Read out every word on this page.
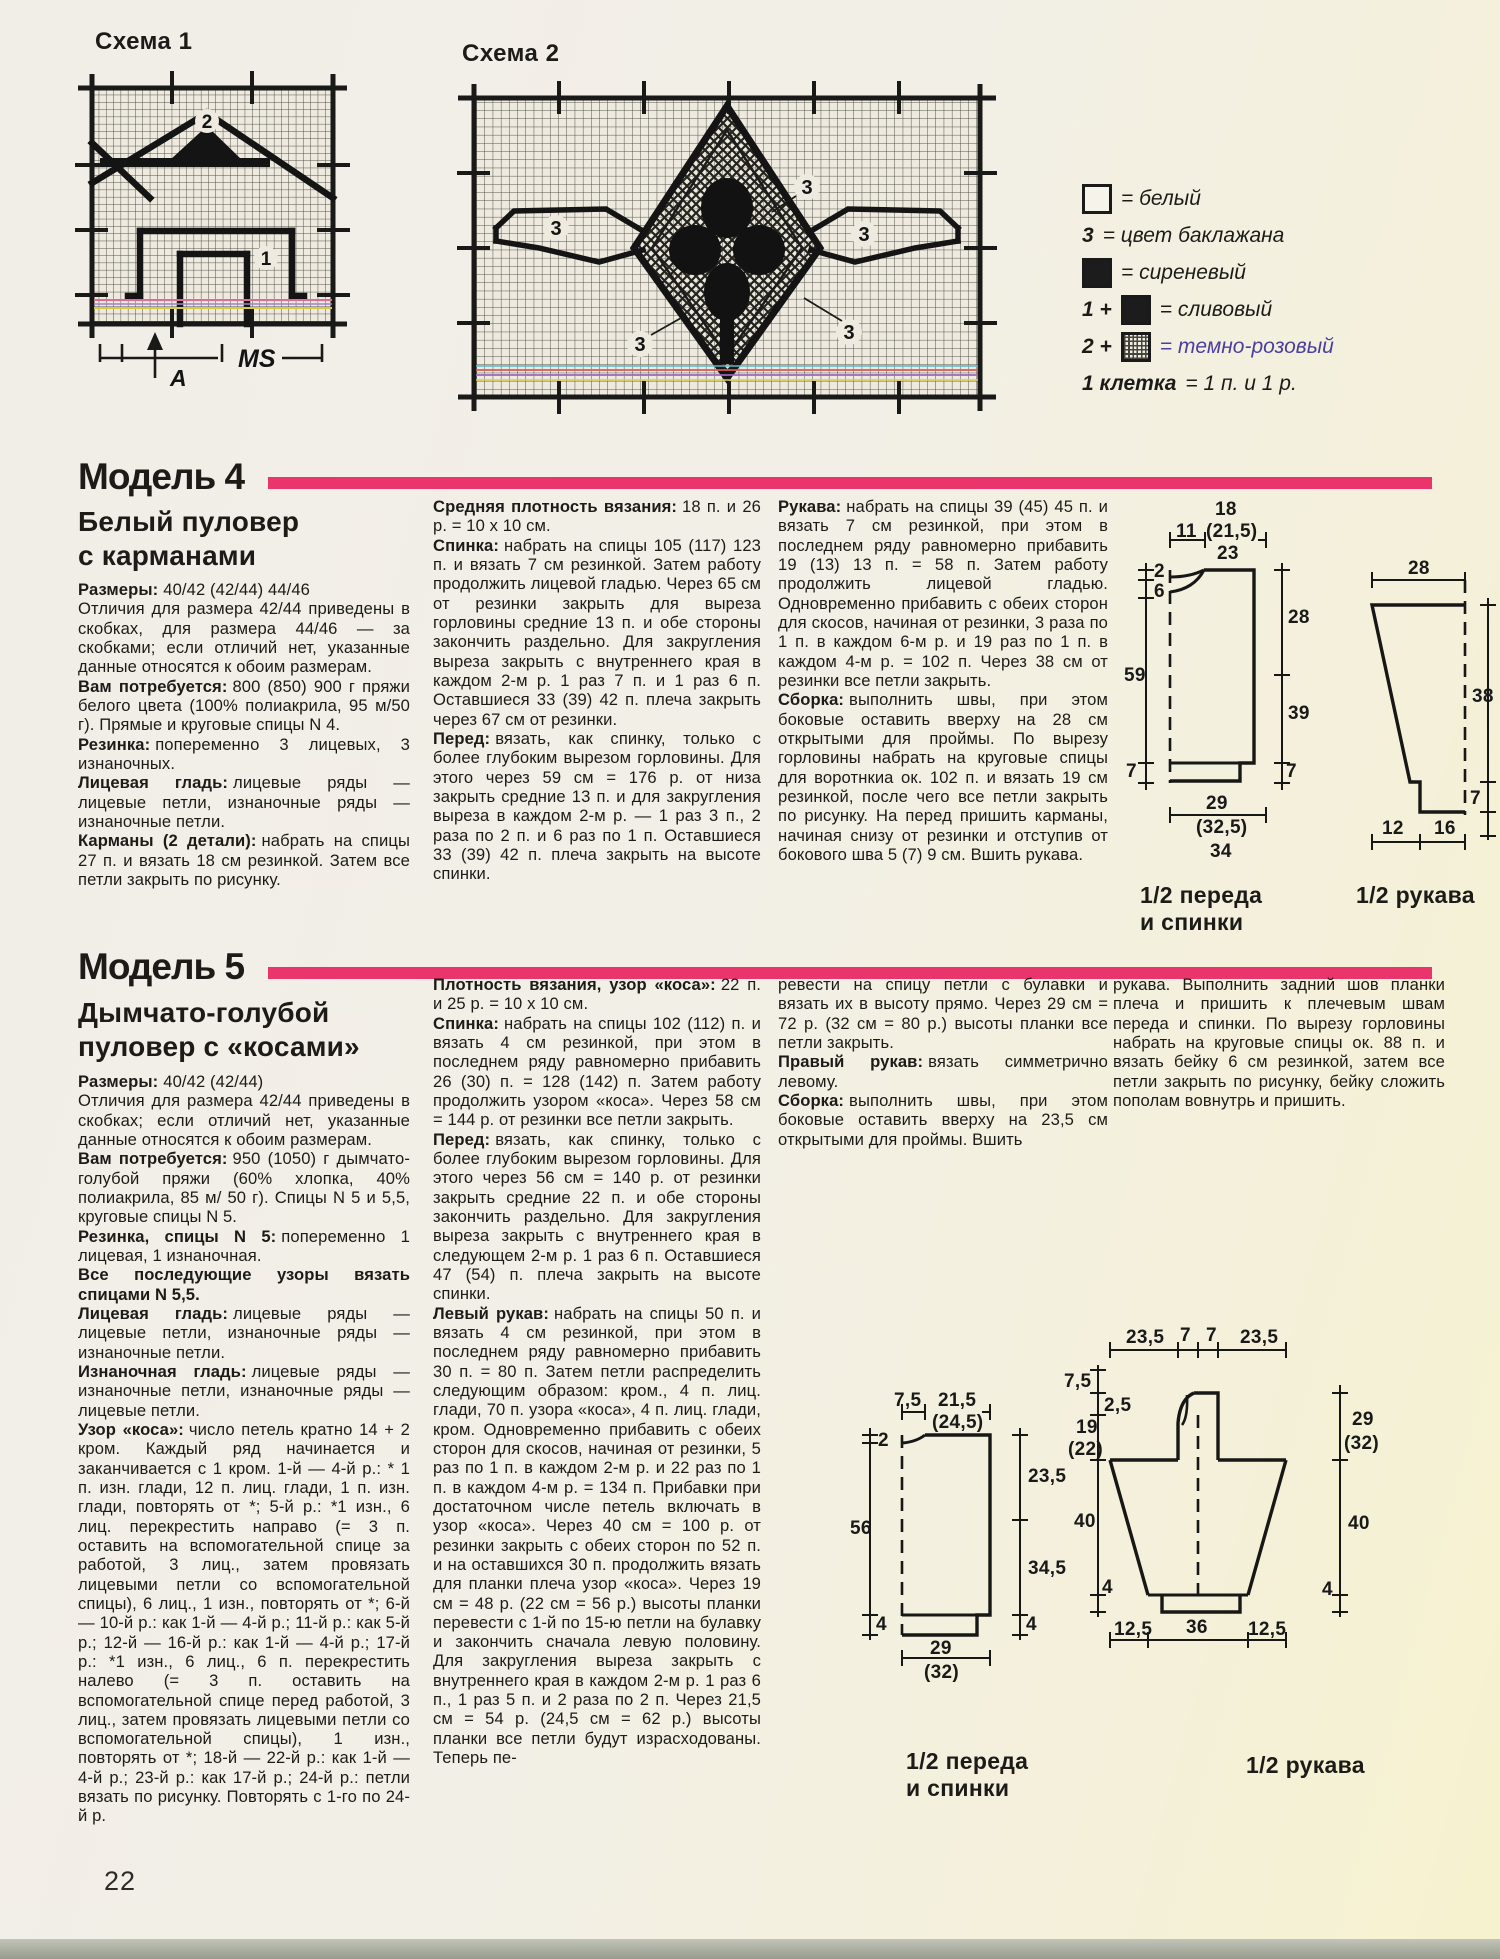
Схема 1
2
1
A
MS
Схема 2
3	3
3
3
3
= белый
3 = цвет баклажана
= сиреневый
1 + = сливовый
2 + = темно-розовый
1 клетка = 1 п. и 1 р.
Модель 4
Белый пуловер
с карманами

Размеры: 40/42 (42/44) 44/46

Отличия для размера 42/44 приведены в скобках, для размера 44/46 — за скобками; если отличий нет, указанные данные относятся к обоим размерам.

Вам потребуется: 800 (850) 900 г пряжи белого цвета (100% полиакрила, 95 м/50 г). Прямые и круговые спицы N 4.

Резинка: попеременно 3 лицевых, 3 изнаночных.

Лицевая гладь: лицевые ряды — лицевые петли, изнаночные ряды — изнаночные петли.

Карманы (2 детали): набрать на спицы 27 п. и вязать 18 см резинкой. Затем все петли закрыть по рисунку.

Средняя плотность вязания: 18 п. и 26 р. = 10 х 10 см.

Спинка: набрать на спицы 105 (117) 123 п. и вязать 7 см резинкой. Затем работу продолжить лицевой гладью. Через 65 см от резинки закрыть для выреза горловины средние 13 п. и обе стороны закончить раздельно. Для закругления выреза закрыть с внутреннего края в каждом 2-м р. 1 раз 7 п. и 1 раз 6 п. Оставшиеся 33 (39) 42 п. плеча закрыть через 67 см от резинки.

Перед: вязать, как спинку, только с более глубоким вырезом горловины. Для этого через 59 см = 176 р. от низа закрыть средние 13 п. и для закругления выреза в каждом 2-м р. — 1 раз 3 п., 2 раза по 2 п. и 6 раз по 1 п. Оставшиеся 33 (39) 42 п. плеча закрыть на высоте спинки.

Рукава: набрать на спицы 39 (45) 45 п. и вязать 7 см резинкой, при этом в последнем ряду равномерно прибавить 19 (13) 13 п. = 58 п. Затем работу продолжить лицевой гладью. Одновременно прибавить с обеих сторон для скосов, начиная от резинки, 3 раза по 1 п. в каждом 6-м р. и 19 раз по 1 п. в каждом 4-м р. = 102 п. Через 38 см от резинки все петли закрыть.

Сборка: выполнить швы, при этом боковые оставить вверху на 28 см открытыми для проймы. По вырезу горловины набрать на круговые спицы для воротнкиа ок. 102 п. и вязать 19 см резинкой, после чего все петли закрыть по рисунку. На перед пришить карманы, начиная снизу от резинки и отступив от бокового шва 5 (7) 9 см. Вшить рукава.

18
11 (21,5)
23
2
6
59
7
28
39
7
29
(32,5)
34
28
38
7
12 16
1/2 переда
и спинки
1/2 рукава
Модель 5
Дымчато-голубой
пуловер с «косами»

Размеры: 40/42 (42/44)

Отличия для размера 42/44 приведены в скобках; если отличий нет, указанные данные относятся к обоим размерам.

Вам потребуется: 950 (1050) г дымчато-голубой пряжи (60% хлопка, 40% полиакрила, 85 м/ 50 г). Спицы N 5 и 5,5, круговые спицы N 5.

Резинка, спицы N 5: попеременно 1 лицевая, 1 изнаночная.

Все последующие узоры вязать спицами N 5,5.

Лицевая гладь: лицевые ряды — лицевые петли, изнаночные ряды — изнаночные петли.

Изнаночная гладь: лицевые ряды — изнаночные петли, изнаночные ряды — лицевые петли.

Узор «коса»: число петель кратно 14 + 2 кром. Каждый ряд начинается и заканчивается с 1 кром. 1-й — 4-й р.: * 1 п. изн. глади, 12 п. лиц. глади, 1 п. изн. глади, повторять от *; 5-й р.: *1 изн., 6 лиц. перекрестить направо (= 3 п. оставить на вспомогательной спице за работой, 3 лиц., затем провязать лицевыми петли со вспомогательной спицы), 6 лиц., 1 изн., повторять от *; 6-й — 10-й р.: как 1-й — 4-й р.; 11-й р.: как 5-й р.; 12-й — 16-й р.: как 1-й — 4-й р.; 17-й р.: *1 изн., 6 лиц., 6 п. перекрестить налево (= 3 п. оставить на вспомогательной спице перед работой, 3 лиц., затем провязать лицевыми петли со вспомогательной спицы), 1 изн., повторять от *; 18-й — 22-й р.: как 1-й — 4-й р.; 23-й р.: как 17-й р.; 24-й р.: петли вязать по рисунку. Повторять с 1-го по 24-й р.

Плотность вязания, узор «коса»: 22 п. и 25 р. = 10 х 10 см.

Спинка: набрать на спицы 102 (112) п. и вязать 4 см резинкой, при этом в последнем ряду равномерно прибавить 26 (30) п. = 128 (142) п. Затем работу продолжить узором «коса». Через 58 см = 144 р. от резинки все петли закрыть.

Перед: вязать, как спинку, только с более глубоким вырезом горловины. Для этого через 56 см = 140 р. от резинки закрыть средние 22 п. и обе стороны закончить раздельно. Для закругления выреза закрыть с внутреннего края в следующем 2-м р. 1 раз 6 п. Оставшиеся 47 (54) п. плеча закрыть на высоте спинки.

Левый рукав: набрать на спицы 50 п. и вязать 4 см резинкой, при этом в последнем ряду равномерно прибавить 30 п. = 80 п. Затем петли распределить следующим образом: кром., 4 п. лиц. глади, 70 п. узора «коса», 4 п. лиц. глади, кром. Одновременно прибавить с обеих сторон для скосов, начиная от резинки, 5 раз по 1 п. в каждом 2-м р. и 22 раз по 1 п. в каждом 4-м р. = 134 п. Прибавки при достаточном числе петель включать в узор «коса». Через 40 см = 100 р. от резинки закрыть с обеих сторон по 52 п. и на оставшихся 30 п. продолжить вязать для планки плеча узор «коса». Через 19 см = 48 р. (22 см = 56 р.) высоты планки перевести с 1-й по 15-ю петли на булавку и закончить сначала левую половину. Для закругления выреза закрыть с внутреннего края в каждом 2-м р. 1 раз 6 п., 1 раз 5 п. и 2 раза по 2 п. Через 21,5 см = 54 р. (24,5 см = 62 р.) высоты планки все петли будут израсходованы. Теперь пе-

ревести на спицу петли с булавки и вязать их в высоту прямо. Через 29 см = 72 р. (32 см = 80 р.) высоты планки все петли закрыть.

Правый рукав: вязать симметрично левому.

Сборка: выполнить швы, при этом боковые оставить вверху на 23,5 см открытыми для проймы. Вшить

рукава. Выполнить задний шов планки плеча и пришить к плечевым швам переда и спинки. По вырезу горловины набрать на круговые спицы ок. 88 п. и вязать бейку 6 см резинкой, затем все петли закрыть по рисунку, бейку сложить пополам вовнутрь и пришить.

7,5 21,5
(24,5)
2
56
4
23,5
34,5
4
29
(32)
23,5 7 7 23,5
7,5
2,5
19
(22)
40
4
29
(32)
40
4
12,5 36 12,5
1/2 переда
и спинки
1/2 рукава
22
